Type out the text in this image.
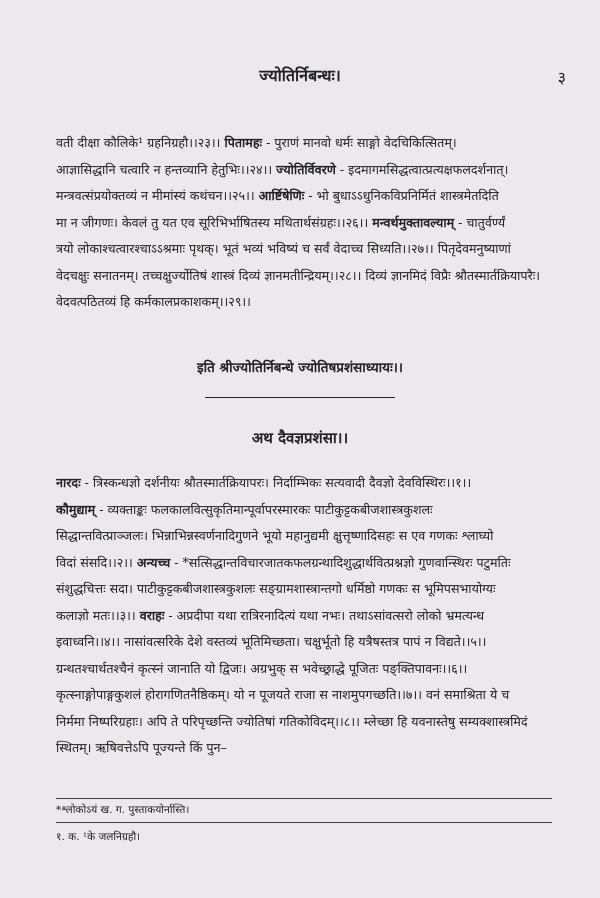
ज्योतिर्निबन्धः।	३
वती दीक्षा कौलिके¹ ग्रहनिग्रहौ।।२३।। पितामहः - पुराणं मानवो धर्मः साङ्गो वेदचिकित्सितम्।
आज्ञासिद्धानि चत्वारि न हन्तव्यानि हेतुभिः।।२४।। ज्योतिर्विवरणे - इदमागमसिद्धत्वात्प्रत्यक्षफलदर्शनात्।
मन्त्रवत्संप्रयोक्तव्यं न मीमांस्यं कथंचन।।२५।। आर्ष्टिषेणिः - भो बुधाऽऽधुनिकविप्रनिर्मितं शास्त्रमेतदिति
मा न जीगणः। केवलं तु यत एव सूरिभिर्भाषितस्य मथितार्थसंग्रहः।।२६।। मन्वर्थमुक्तावल्याम् - चातुर्वर्ण्यं
त्रयो लोकाश्चत्वारश्चाऽऽश्रमाः पृथक्। भूतं भव्यं भविष्यं च सर्वं वेदाच्च सिध्यति।।२७।। पितृदेवमनुष्याणां
वेदचक्षुः सनातनम्। तच्चक्षुर्ज्योतिषं शास्त्रं दिव्यं ज्ञानमतीन्द्रियम्।।२८।। दिव्यं ज्ञानमिदं विप्रैः श्रौतस्मार्तक्रियापरैः।
वेदवत्पठितव्यं हि कर्मकालप्रकाशकम्।।२९।।
इति श्रीज्योतिर्निबन्धे ज्योतिषप्रशंसाध्यायः।।
अथ दैवज्ञप्रशंसा।।
नारदः - त्रिस्कन्धज्ञो दर्शनीयः श्रौतस्मार्तक्रियापरः। निर्दाम्भिकः सत्यवादी दैवज्ञो देवविस्थिरः।।१।।
कौमुद्याम् - व्यक्ताङ्कः फलकालवित्सुकृतिमान्पूर्वापरस्मारकः पाटीकुट्टकबीजशास्त्रकुशलः
सिद्धान्तवित्प्राञ्जलः। भिन्नाभिन्नस्वर्णनादिगुणने भूयो महानुद्यमी क्षुत्तृष्णादिसहः स एव गणकः श्लाघ्यो
विदां संसदि।।२।। अन्यच्च - *सत्सिद्धान्तविचारजातकफलग्रन्थादिशुद्धार्थवित्प्रश्नज्ञो गुणवान्स्थिरः पटुमतिः
संशुद्धचित्तः सदा। पाटीकुट्टकबीजशास्त्रकुशलः सङ्ग्रामशास्त्रान्तगो धर्मिष्ठो गणकः स भूमिपसभायोग्यः
कलाज्ञो मतः।।३।। वराहः - अप्रदीपा यथा रात्रिरनादित्यं यथा नभः। तथाऽसांवत्सरो लोको भ्रमत्यन्ध
इवाध्वनि।।४।। नासांवत्सरिके देशे वस्तव्यं भूतिमिच्छता। चक्षुर्भूतो हि यत्रैषस्तत्र पापं न विद्यते।।५।।
ग्रन्थतश्चार्थतश्चैनं कृत्स्नं जानाति यो द्विजः। अग्रभुक् स भवेच्छ्राद्धे पूजितः पङ्क्तिपावनः।।६।।
कृत्स्नाङ्गोपाङ्गकुशलं होरागणितनैष्ठिकम्। यो न पूजयते राजा स नाशमुपगच्छति।।७।। वनं समाश्रिता ये च
निर्ममा निष्परिग्रहाः। अपि ते परिपृच्छन्ति ज्योतिषां गतिकोविदम्।।८।। म्लेच्छा हि यवनास्तेषु सम्यक्शास्त्रमिदं
स्थितम्। ऋषिवत्तेऽपि पूज्यन्ते किं पुन–
*श्लोकोऽयं ख. ग. पुस्ताकयोर्नास्ति।
१. क. ¹के जलनिग्रहौ।
